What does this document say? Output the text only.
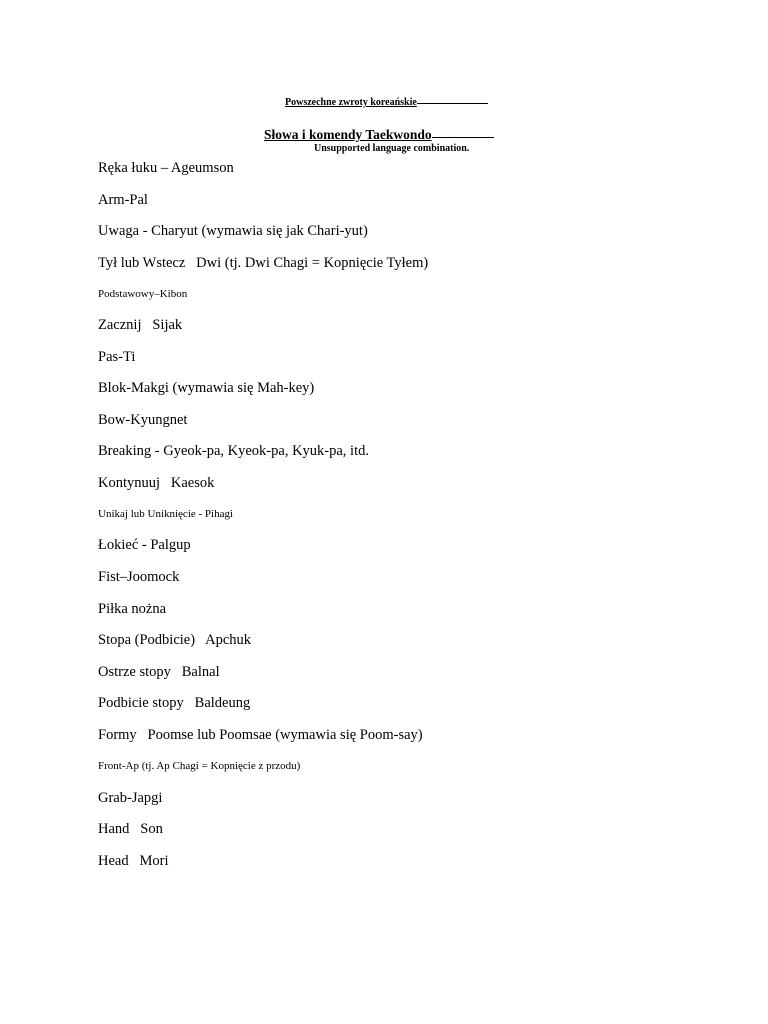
Powszechne zwroty koreańskie
Słowa i komendy Taekwondo
Unsupported language combination.
Ręka łuku – Ageumson
Arm-Pal
Uwaga - Charyut (wymawia się jak Chari-yut)
Tył lub Wstecz   Dwi (tj. Dwi Chagi = Kopnięcie Tyłem)
Podstawowy–Kibon
Zacznij   Sijak
Pas-Ti
Blok-Makgi (wymawia się Mah-key)
Bow-Kyungnet
Breaking - Gyeok-pa, Kyeok-pa, Kyuk-pa, itd.
Kontynuuj   Kaesok
Unikaj lub Uniknięcie - Pihagi
Łokieć - Palgup
Fist–Joomock
Piłka nożna
Stopa (Podbicie)   Apchuk
Ostrze stopy   Balnal
Podbicie stopy   Baldeung
Formy   Poomse lub Poomsae (wymawia się Poom-say)
Front-Ap (tj. Ap Chagi = Kopnięcie z przodu)
Grab-Japgi
Hand   Son
Head   Mori
